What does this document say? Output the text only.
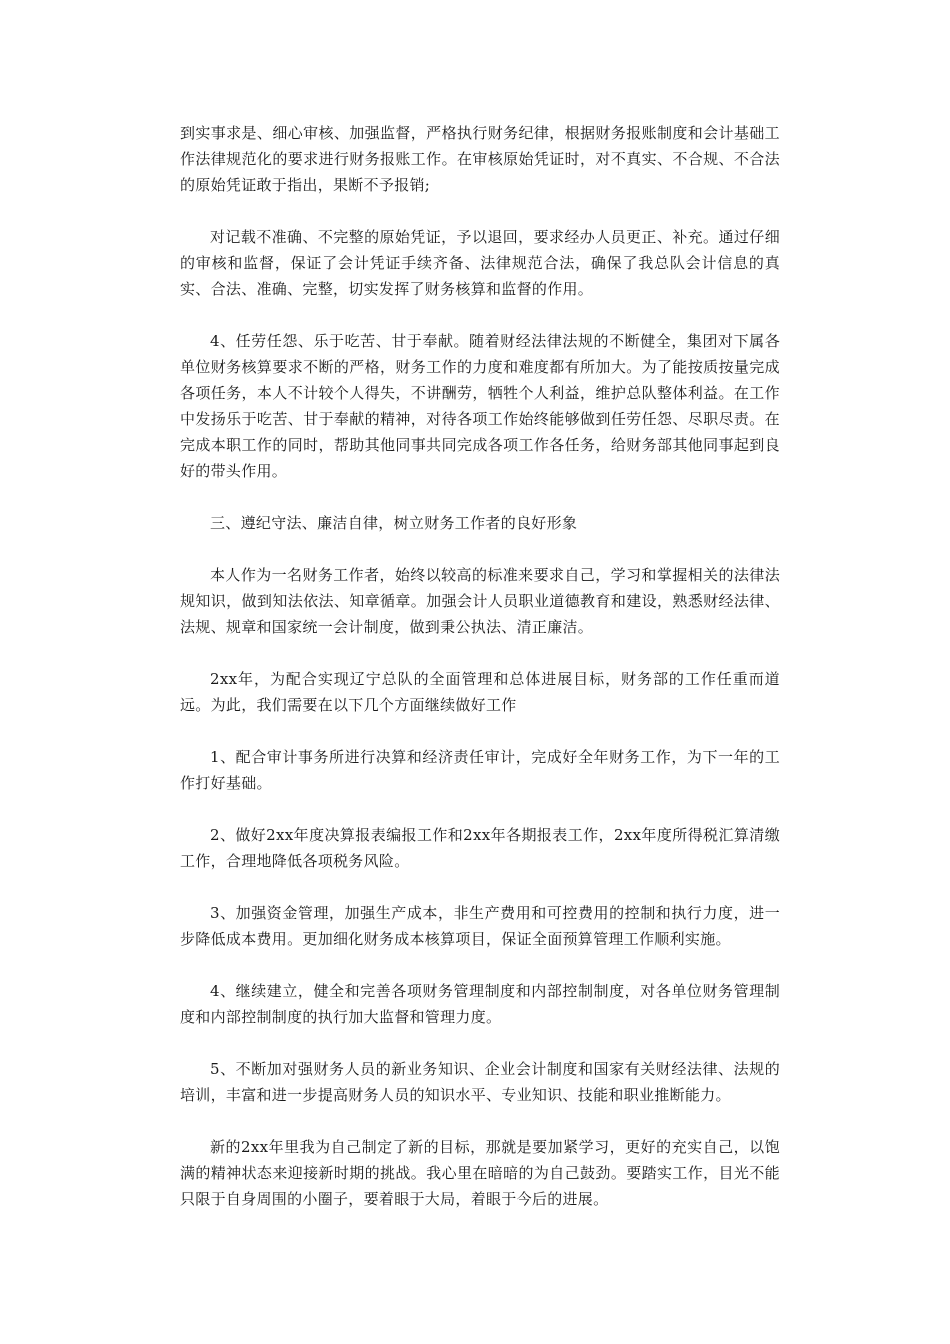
到实事求是、细心审核、加强监督，严格执行财务纪律，根据财务报账制度和会计基础工作法律规范化的要求进行财务报账工作。在审核原始凭证时，对不真实、不合规、不合法的原始凭证敢于指出，果断不予报销;

对记载不准确、不完整的原始凭证，予以退回，要求经办人员更正、补充。通过仔细的审核和监督，保证了会计凭证手续齐备、法律规范合法，确保了我总队会计信息的真实、合法、准确、完整，切实发挥了财务核算和监督的作用。

4、任劳任怨、乐于吃苦、甘于奉献。随着财经法律法规的不断健全，集团对下属各单位财务核算要求不断的严格，财务工作的力度和难度都有所加大。为了能按质按量完成各项任务，本人不计较个人得失，不讲酬劳，牺牲个人利益，维护总队整体利益。在工作中发扬乐于吃苦、甘于奉献的精神，对待各项工作始终能够做到任劳任怨、尽职尽责。在完成本职工作的同时，帮助其他同事共同完成各项工作各任务，给财务部其他同事起到良好的带头作用。

三、遵纪守法、廉洁自律，树立财务工作者的良好形象

本人作为一名财务工作者，始终以较高的标准来要求自己，学习和掌握相关的法律法规知识，做到知法依法、知章循章。加强会计人员职业道德教育和建设，熟悉财经法律、法规、规章和国家统一会计制度，做到秉公执法、清正廉洁。

2xx年，为配合实现辽宁总队的全面管理和总体进展目标，财务部的工作任重而道远。为此，我们需要在以下几个方面继续做好工作

1、配合审计事务所进行决算和经济责任审计，完成好全年财务工作，为下一年的工作打好基础。

2、做好2xx年度决算报表编报工作和2xx年各期报表工作，2xx年度所得税汇算清缴工作，合理地降低各项税务风险。

3、加强资金管理，加强生产成本，非生产费用和可控费用的控制和执行力度，进一步降低成本费用。更加细化财务成本核算项目，保证全面预算管理工作顺利实施。

4、继续建立，健全和完善各项财务管理制度和内部控制制度，对各单位财务管理制度和内部控制制度的执行加大监督和管理力度。

5、不断加对强财务人员的新业务知识、企业会计制度和国家有关财经法律、法规的培训，丰富和进一步提高财务人员的知识水平、专业知识、技能和职业推断能力。

新的2xx年里我为自己制定了新的目标，那就是要加紧学习，更好的充实自己，以饱满的精神状态来迎接新时期的挑战。我心里在暗暗的为自己鼓劲。要踏实工作，目光不能只限于自身周围的小圈子，要着眼于大局，着眼于今后的进展。
